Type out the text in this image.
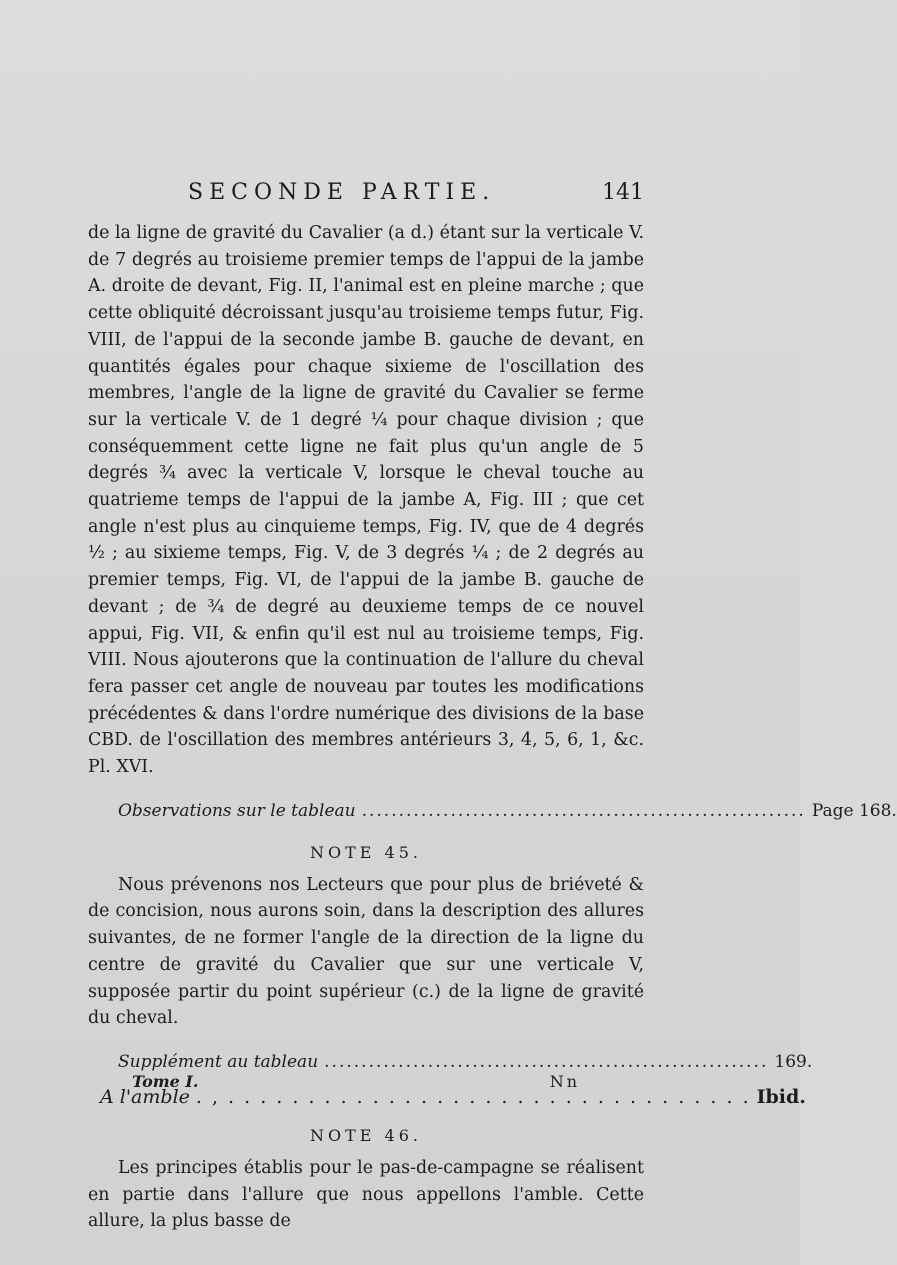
SECONDE PARTIE.	141

de la ligne de gravité du Cavalier (a d.) étant sur la verticale V. de 7 degrés au troisieme premier temps de l'appui de la jambe A. droite de devant, Fig. II, l'animal est en pleine marche ; que cette obliquité décroissant jusqu'au troisieme temps futur, Fig. VIII, de l'appui de la seconde jambe B. gauche de devant, en quantités égales pour chaque sixieme de l'oscillation des membres, l'angle de la ligne de gravité du Cavalier se ferme sur la verticale V. de 1 degré ¼ pour chaque division ; que conséquemment cette ligne ne fait plus qu'un angle de 5 degrés ¾ avec la verticale V, lorsque le cheval touche au quatrieme temps de l'appui de la jambe A, Fig. III ; que cet angle n'est plus au cinquieme temps, Fig. IV, que de 4 degrés ½ ; au sixieme temps, Fig. V, de 3 degrés ¼ ; de 2 degrés au premier temps, Fig. VI, de l'appui de la jambe B. gauche de devant ; de ¾ de degré au deuxieme temps de ce nouvel appui, Fig. VII, & enfin qu'il est nul au troisieme temps, Fig. VIII. Nous ajouterons que la continuation de l'allure du cheval fera passer cet angle de nouveau par toutes les modifications précédentes & dans l'ordre numérique des divisions de la base CBD. de l'oscillation des membres antérieurs 3, 4, 5, 6, 1, &c. Pl. XVI.

Observations sur le tableau ............................................................ Page 168.
NOTE 45.

Nous prévenons nos Lecteurs que pour plus de briéveté & de concision, nous aurons soin, dans la description des allures suivantes, de ne former l'angle de la direction de la ligne du centre de gravité du Cavalier que sur une verticale V, supposée partir du point supérieur (c.) de la ligne de gravité du cheval.

Supplément au tableau ............................................................ 169.
A l'amble . , . . . . . . . . . . . . . . . . . . . . . . . . . . . . . . . . . Ibid.
NOTE 46.

Les principes établis pour le pas-de-campagne se réalisent en partie dans l'allure que nous appellons l'amble. Cette allure, la plus basse de

Tome I.	Nn
